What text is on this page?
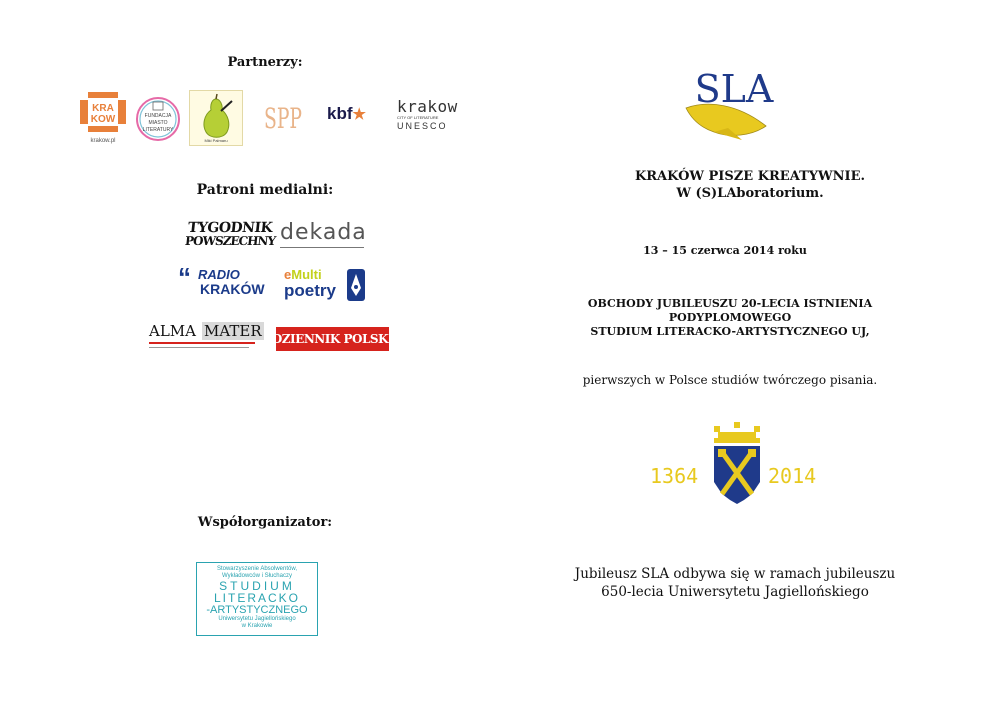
Partnerzy:
KRA
KOW
krakow.pl
FUNDACJA
MIASTO
LITERATURY
Miki Palmaru
SPP kbf★ krakow
CITY OF LITERATURE
UNESCO
Patroni medialni:
TYGODNIK
POWSZECHNY dekada
“ RADIO
KRAKÓW
eMulti
poetry
ALMA MATER DZIENNIK POLSKI
Współorganizator:
Stowarzyszenie Absolwentów,
Wykładowców i Słuchaczy
STUDIUM
LITERACKO
-ARTYSTYCZNEGO
Uniwersytetu Jagiellońskiego
w Krakowie
SLA
KRAKÓW PISZE KREATYWNIE.
W (S)LAboratorium.
13 – 15 czerwca 2014 roku
OBCHODY JUBILEUSZU 20-LECIA ISTNIENIA
PODYPLOMOWEGO
STUDIUM LITERACKO-ARTYSTYCZNEGO UJ,
pierwszych w Polsce studiów twórczego pisania.
1364	2014
Jubileusz SLA odbywa się w ramach jubileuszu
650-lecia Uniwersytetu Jagiellońskiego
